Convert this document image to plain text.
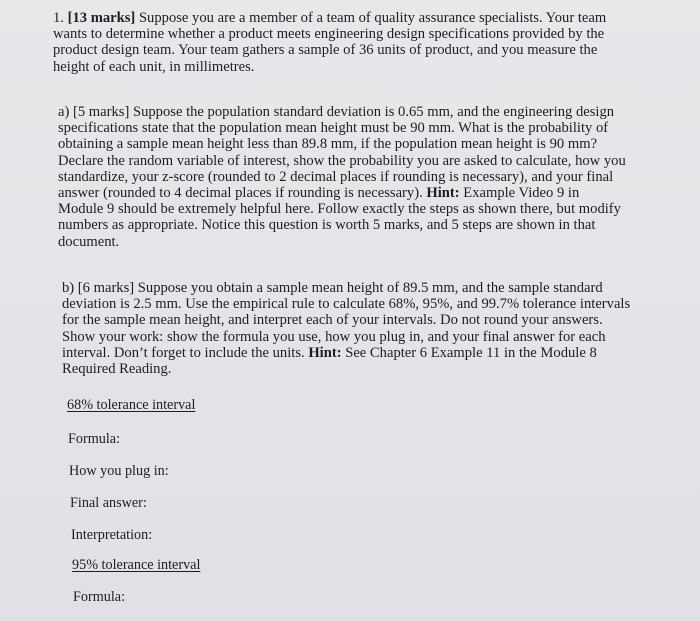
1. [13 marks] Suppose you are a member of a team of quality assurance specialists. Your team
wants to determine whether a product meets engineering design specifications provided by the
product design team. Your team gathers a sample of 36 units of product, and you measure the
height of each unit, in millimetres.

a) [5 marks] Suppose the population standard deviation is 0.65 mm, and the engineering design
specifications state that the population mean height must be 90 mm. What is the probability of
obtaining a sample mean height less than 89.8 mm, if the population mean height is 90 mm?
Declare the random variable of interest, show the probability you are asked to calculate, how you
standardize, your z-score (rounded to 2 decimal places if rounding is necessary), and your final
answer (rounded to 4 decimal places if rounding is necessary). Hint: Example Video 9 in
Module 9 should be extremely helpful here. Follow exactly the steps as shown there, but modify
numbers as appropriate. Notice this question is worth 5 marks, and 5 steps are shown in that
document.

b) [6 marks] Suppose you obtain a sample mean height of 89.5 mm, and the sample standard
deviation is 2.5 mm. Use the empirical rule to calculate 68%, 95%, and 99.7% tolerance intervals
for the sample mean height, and interpret each of your intervals. Do not round your answers.
Show your work: show the formula you use, how you plug in, and your final answer for each
interval. Don’t forget to include the units. Hint: See Chapter 6 Example 11 in the Module 8
Required Reading.

68% tolerance interval

Formula:

How you plug in:

Final answer:

Interpretation:

95% tolerance interval

Formula:
